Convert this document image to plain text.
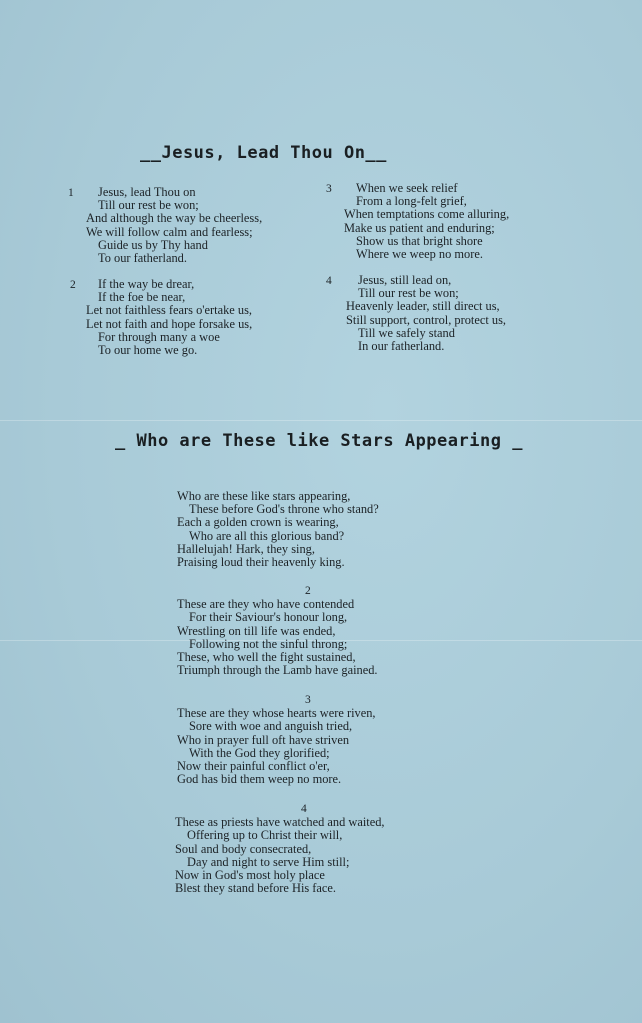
__Jesus, Lead Thou On__
1	Jesus, lead Thou on
Till our rest be won;
And although the way be cheerless,
We will follow calm and fearless;
Guide us by Thy hand
To our fatherland.
2	If the way be drear,
If the foe be near,
Let not faithless fears o'ertake us,
Let not faith and hope forsake us,
For through many a woe
To our home we go.
3	When we seek relief
From a long-felt grief,
When temptations come alluring,
Make us patient and enduring;
Show us that bright shore
Where we weep no more.
4	Jesus, still lead on,
Till our rest be won;
Heavenly leader, still direct us,
Still support, control, protect us,
Till we safely stand
In our fatherland.
_ Who are These like Stars Appearing _
Who are these like stars appearing,
These before God's throne who stand?
Each a golden crown is wearing,
Who are all this glorious band?
Hallelujah! Hark, they sing,
Praising loud their heavenly king.
2
These are they who have contended
For their Saviour's honour long,
Wrestling on till life was ended,
Following not the sinful throng;
These, who well the fight sustained,
Triumph through the Lamb have gained.
3
These are they whose hearts were riven,
Sore with woe and anguish tried,
Who in prayer full oft have striven
With the God they glorified;
Now their painful conflict o'er,
God has bid them weep no more.
4
These as priests have watched and waited,
Offering up to Christ their will,
Soul and body consecrated,
Day and night to serve Him still;
Now in God's most holy place
Blest they stand before His face.
